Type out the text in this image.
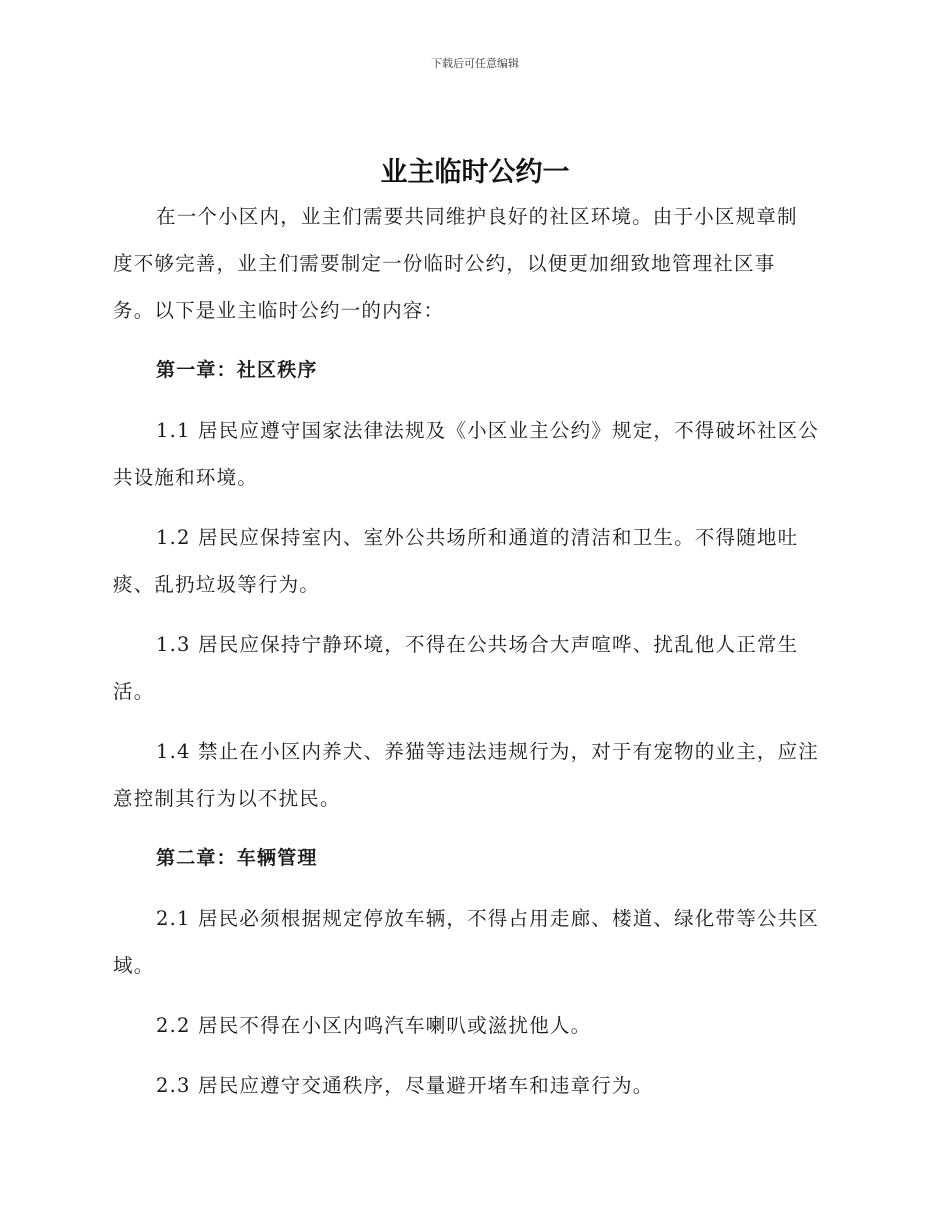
下载后可任意编辑
业主临时公约一

在一个小区内，业主们需要共同维护良好的社区环境。由于小区规章制
度不够完善，业主们需要制定一份临时公约，以便更加细致地管理社区事
务。以下是业主临时公约一的内容：

第一章：社区秩序

1.1 居民应遵守国家法律法规及《小区业主公约》规定，不得破坏社区公共设施和环境。

1.2 居民应保持室内、室外公共场所和通道的清洁和卫生。不得随地吐痰、乱扔垃圾等行为。

1.3 居民应保持宁静环境，不得在公共场合大声喧哗、扰乱他人正常生活。

1.4 禁止在小区内养犬、养猫等违法违规行为，对于有宠物的业主，应注意控制其行为以不扰民。

第二章：车辆管理

2.1 居民必须根据规定停放车辆，不得占用走廊、楼道、绿化带等公共区域。

2.2 居民不得在小区内鸣汽车喇叭或滋扰他人。

2.3 居民应遵守交通秩序，尽量避开堵车和违章行为。
